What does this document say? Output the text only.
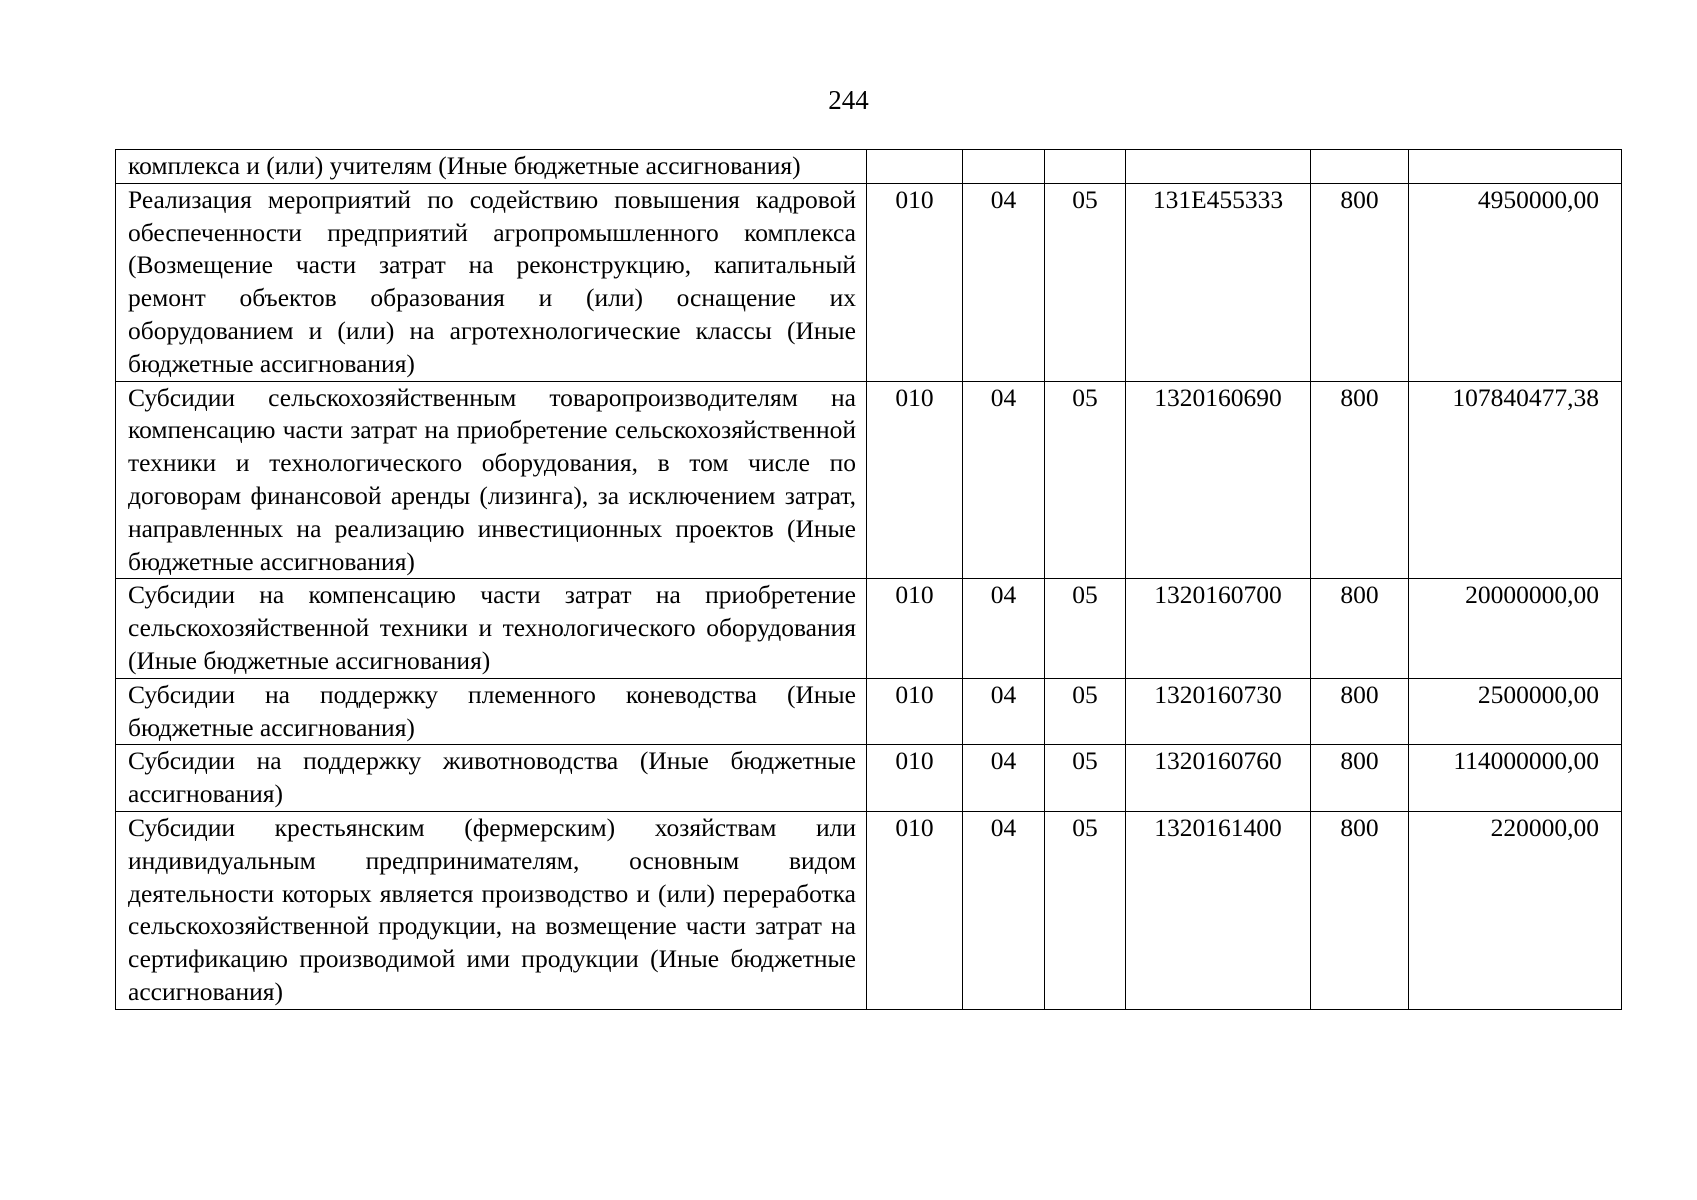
244
комплекса и (или) учителям (Иные бюджетные ассигнования)						
Реализация мероприятий по содействию повышения кадровой обеспеченности предприятий агропромышленного комплекса (Возмещение части затрат на реконструкцию, капитальный ремонт объектов образования и (или) оснащение их оборудованием и (или) на агротехнологические классы (Иные бюджетные ассигнования)	010	04	05	131E455333	800	4950000,00
Субсидии сельскохозяйственным товаропроизводителям на компенсацию части затрат на приобретение сельскохозяйственной техники и технологического оборудования, в том числе по договорам финансовой аренды (лизинга), за исключением затрат, направленных на реализацию инвестиционных проектов (Иные бюджетные ассигнования)	010	04	05	1320160690	800	107840477,38
Субсидии на компенсацию части затрат на приобретение сельскохозяйственной техники и технологического оборудования (Иные бюджетные ассигнования)	010	04	05	1320160700	800	20000000,00
Субсидии на поддержку племенного коневодства (Иные бюджетные ассигнования)	010	04	05	1320160730	800	2500000,00
Субсидии на поддержку животноводства (Иные бюджетные ассигнования)	010	04	05	1320160760	800	114000000,00
Субсидии крестьянским (фермерским) хозяйствам или индивидуальным предпринимателям, основным видом деятельности которых является производство и (или) переработка сельскохозяйственной продукции, на возмещение части затрат на сертификацию производимой ими продукции (Иные бюджетные ассигнования)	010	04	05	1320161400	800	220000,00
